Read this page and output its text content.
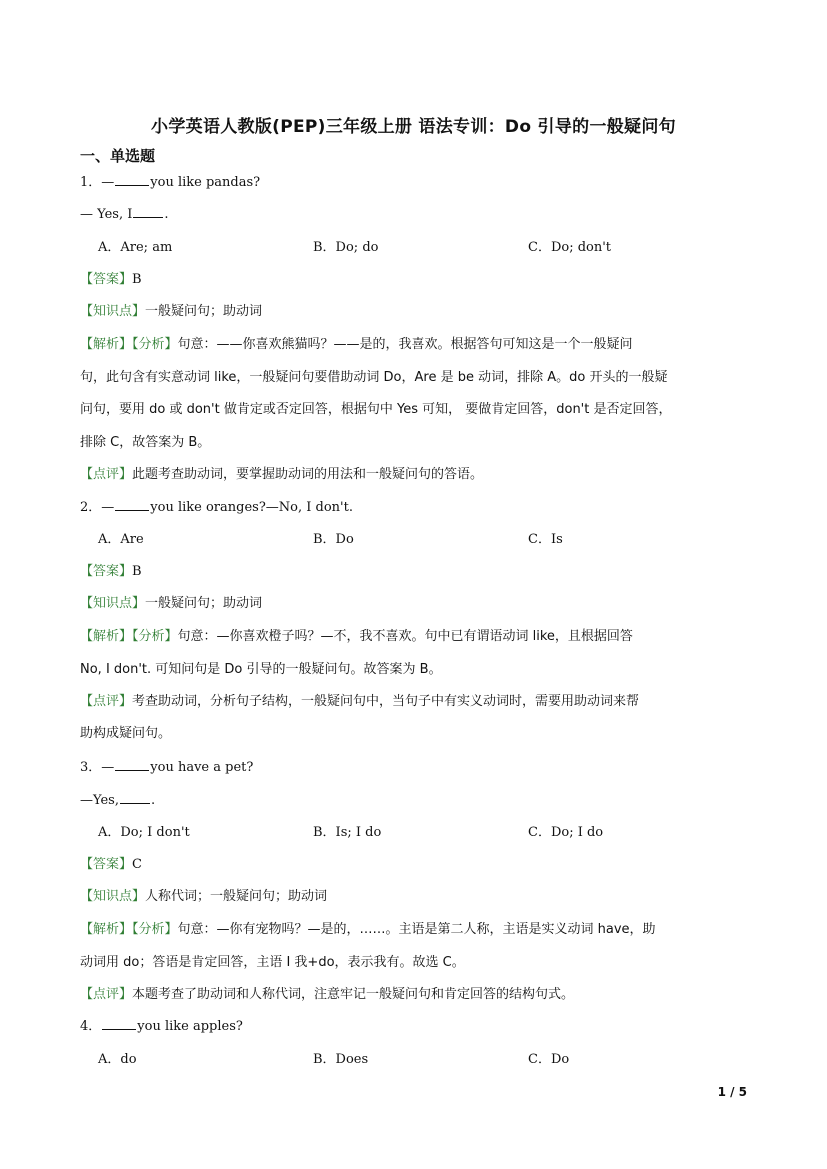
小学英语人教版(PEP)三年级上册 语法专训：Do 引导的一般疑问句
一、单选题
1．—	you like pandas?
— Yes, I .
A．Are; am	B．Do; do	C．Do; don't
【答案】B
【知识点】一般疑问句；助动词
【解析】【分析】句意：——你喜欢熊猫吗？——是的，我喜欢。根据答句可知这是一个一般疑问
句，此句含有实意动词 like，一般疑问句要借助动词 Do，Are 是 be 动词，排除 A。do 开头的一般疑
问句，要用 do 或 don't 做肯定或否定回答，根据句中 Yes 可知， 要做肯定回答，don't 是否定回答，
排除 C，故答案为 B。
【点评】此题考查助动词，要掌握助动词的用法和一般疑问句的答语。
2．—	you like oranges?—No, I don't.
A．Are	B．Do	C．Is
【答案】B
【知识点】一般疑问句；助动词
【解析】【分析】句意：—你喜欢橙子吗？—不，我不喜欢。句中已有谓语动词 like，且根据回答
No, I don't. 可知问句是 Do 引导的一般疑问句。故答案为 B。
【点评】考查助动词，分析句子结构，一般疑问句中，当句子中有实义动词时，需要用助动词来帮
助构成疑问句。
3．—	you have a pet?
—Yes, .
A．Do; I don't	B．Is; I do	C．Do; I do
【答案】C
【知识点】人称代词；一般疑问句；助动词
【解析】【分析】句意：—你有宠物吗？—是的，……。主语是第二人称，主语是实义动词 have，助
动词用 do；答语是肯定回答，主语 I 我+do，表示我有。故选 C。
【点评】本题考查了助动词和人称代词，注意牢记一般疑问句和肯定回答的结构句式。
4．	you like apples?
A．do	B．Does	C．Do
1 / 5
